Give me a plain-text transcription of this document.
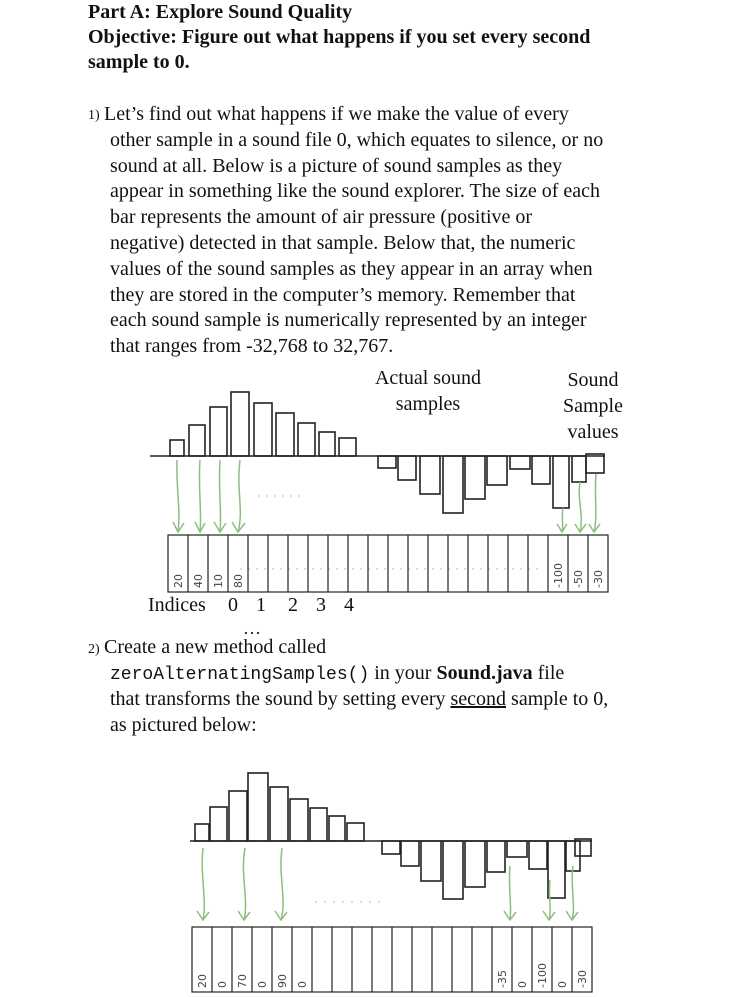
Part A: Explore Sound Quality
Objective: Figure out what happens if you set every second
sample to 0.
1) Let’s find out what happens if we make the value of every
other sample in a sound file 0, which equates to silence, or no
sound at all. Below is a picture of sound samples as they
appear in something like the sound explorer. The size of each
bar represents the amount of air pressure (positive or
negative) detected in that sample. Below that, the numeric
values of the sound samples as they appear in an array when
they are stored in the computer’s memory. Remember that
each sound sample is numerically represented by an integer
that ranges from -32,768 to 32,767.
Actual sound
samples
Sound
Sample
values
20 40 10 80	-100 -50 -30
Indices 0 1 2 3 4
…
2) Create a new method called
zeroAlternatingSamples() in your Sound.java file
that transforms the sound by setting every second sample to 0,
as pictured below:
20 0 70 0 90 0	-35 0 -100 0 -30
